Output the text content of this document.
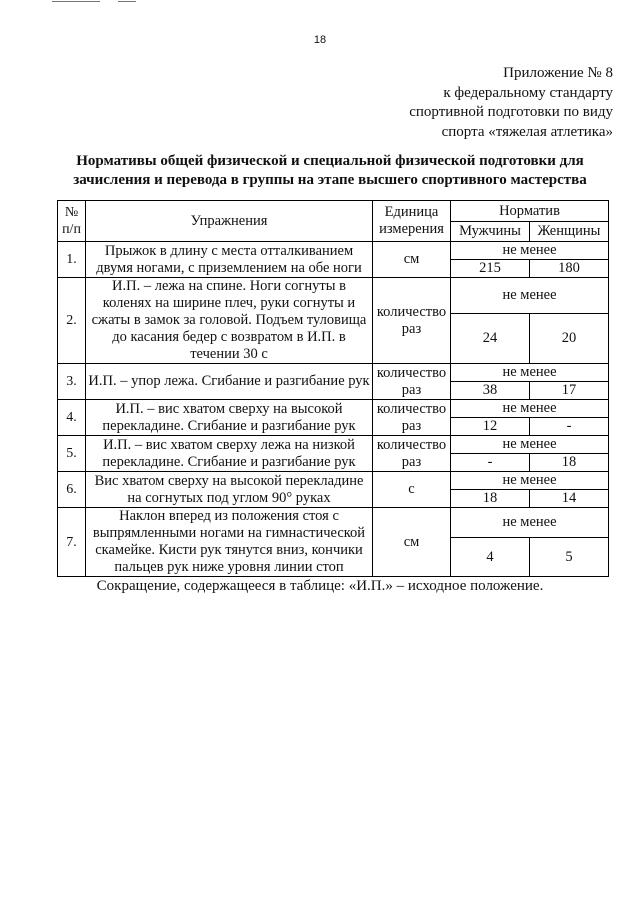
18
Приложение № 8
к федеральному стандарту
спортивной подготовки по виду
спорта «тяжелая атлетика»
Нормативы общей физической и специальной физической подготовки для
зачисления и перевода в группы на этапе высшего спортивного мастерства
№ п/п	Упражнения	Единица измерения	Норматив	
			Мужчины	Женщины
1.	Прыжок в длину с места отталкиванием двумя ногами, с приземлением на обе ноги	см	не менее	
			215	180
2.	И.П. – лежа на спине. Ноги согнуты в коленях на ширине плеч, руки согнуты и сжаты в замок за головой. Подъем туловища до касания бедер с возвратом в И.П. в течении 30 с	количество раз	не менее	
			24	20
3.	И.П. – упор лежа. Сгибание и разгибание рук	количество раз	не менее	
			38	17
4.	И.П. – вис хватом сверху на высокой перекладине. Сгибание и разгибание рук	количество раз	не менее	
			12	-
5.	И.П. – вис хватом сверху лежа на низкой перекладине. Сгибание и разгибание рук	количество раз	не менее	
			-	18
6.	Вис хватом сверху на высокой перекладине на согнутых под углом 90° руках	с	не менее	
			18	14
7.	Наклон вперед из положения стоя с выпрямленными ногами на гимнастической скамейке. Кисти рук тянутся вниз, кончики пальцев рук ниже уровня линии стоп	см	не менее	
			4	5
Сокращение, содержащееся в таблице: «И.П.» – исходное положение.
